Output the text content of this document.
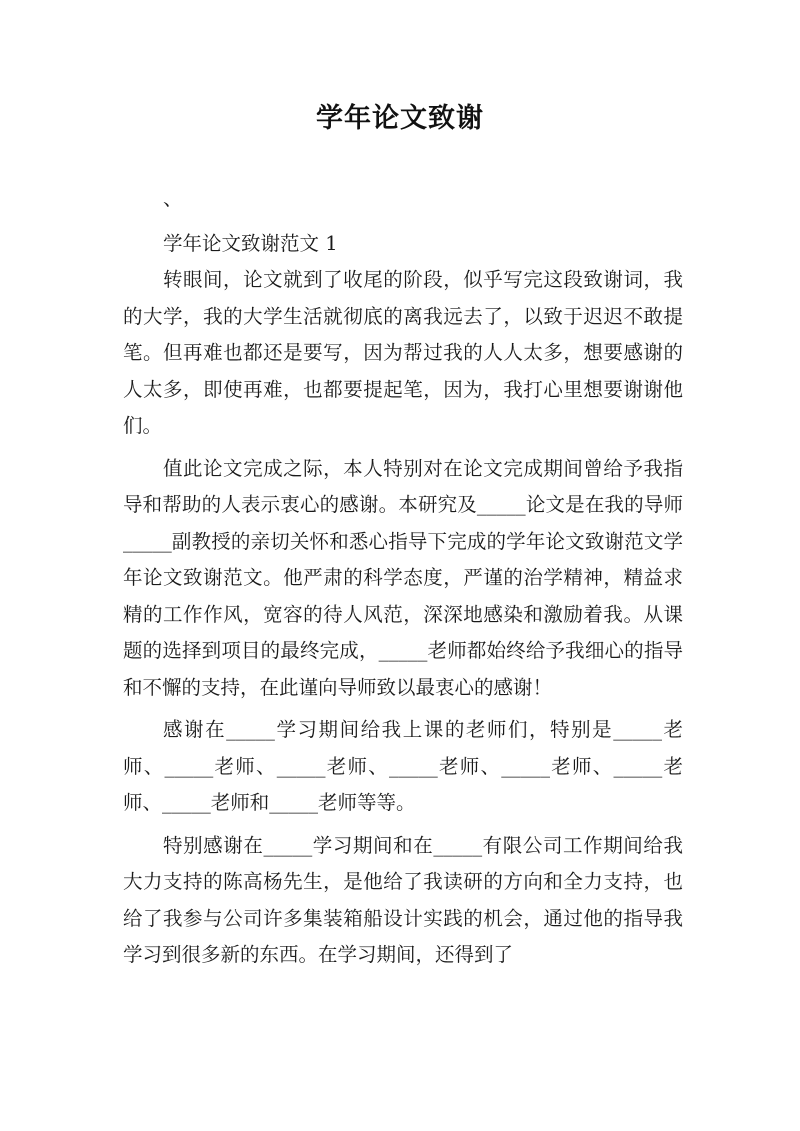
学年论文致谢

、

学年论文致谢范文 1

转眼间，论文就到了收尾的阶段，似乎写完这段致谢词，我的大学，我的大学生活就彻底的离我远去了，以致于迟迟不敢提笔。但再难也都还是要写，因为帮过我的人人太多，想要感谢的人太多，即使再难，也都要提起笔，因为，我打心里想要谢谢他们。

值此论文完成之际，本人特别对在论文完成期间曾给予我指导和帮助的人表示衷心的感谢。本研究及_____论文是在我的导师_____副教授的亲切关怀和悉心指导下完成的学年论文致谢范文学年论文致谢范文。他严肃的科学态度，严谨的治学精神，精益求精的工作作风，宽容的待人风范，深深地感染和激励着我。从课题的选择到项目的最终完成，_____老师都始终给予我细心的指导和不懈的支持，在此谨向导师致以最衷心的感谢！

感谢在_____学习期间给我上课的老师们，特别是_____老师、_____老师、_____老师、_____老师、_____老师、_____老师、_____老师和_____老师等等。

特别感谢在_____学习期间和在_____有限公司工作期间给我大力支持的陈高杨先生，是他给了我读研的方向和全力支持，也给了我参与公司许多集装箱船设计实践的机会，通过他的指导我学习到很多新的东西。在学习期间，还得到了
